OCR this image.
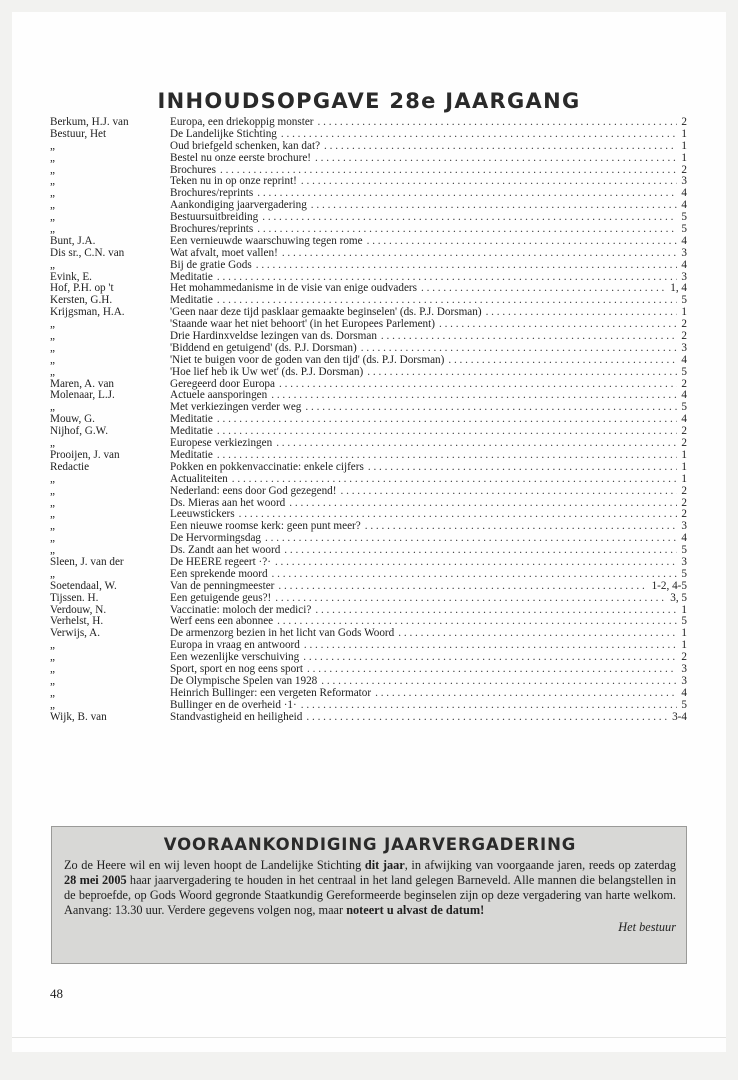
INHOUDSOPGAVE 28e JAARGANG
Berkum, H.J. van	Europa, een driekoppig monster . . .	2
Bestuur, Het	De Landelijke Stichting . . .	1
„	Oud briefgeld schenken, kan dat? . . .	1
„	Bestel nu onze eerste brochure! . . .	1
„	Brochures . . .	2
„	Teken nu in op onze reprint! . . .	3
„	Brochures/reprints . . .	4
„	Aankondiging jaarvergadering . . .	4
„	Bestuursuitbreiding . . .	5
„	Brochures/reprints . . .	5
Bunt, J.A.	Een vernieuwde waarschuwing tegen rome . . .	4
Dis sr., C.N. van	Wat afvalt, moet vallen! . . .	3
„	Bij de gratie Gods . . .	4
Evink, E.	Meditatie . . .	3
Hof, P.H. op 't	Het mohammedanisme in de visie van enige oudvaders . . .	1, 4
Kersten, G.H.	Meditatie . . .	5
Krijgsman, H.A.	'Geen naar deze tijd pasklaar gemaakte beginselen' (ds. P.J. Dorsman) . . .	1
„	'Staande waar het niet behoort' (in het Europees Parlement) . . .	2
„	Drie Hardinxveldse lezingen van ds. Dorsman . . .	2
„	'Biddend en getuigend' (ds. P.J. Dorsman) . . .	3
„	'Niet te buigen voor de goden van den tijd' (ds. P.J. Dorsman) . . .	4
„	'Hoe lief heb ik Uw wet' (ds. P.J. Dorsman) . . .	5
Maren, A. van	Geregeerd door Europa . . .	2
Molenaar, L.J.	Actuele aansporingen . . .	4
„	Met verkiezingen verder weg . . .	5
Mouw, G.	Meditatie . . .	4
Nijhof, G.W.	Meditatie . . .	2
„	Europese verkiezingen . . .	2
Prooijen, J. van	Meditatie . . .	1
Redactie	Pokken en pokkenvaccinatie: enkele cijfers . . .	1
„	Actualiteiten . . .	1
„	Nederland: eens door God gezegend! . . .	2
„	Ds. Mieras aan het woord . . .	2
„	Leeuwstickers . . .	2
„	Een nieuwe roomse kerk: geen punt meer? . . .	3
„	De Hervormingsdag . . .	4
„	Ds. Zandt aan het woord . . .	5
Sleen, J. van der	De HEERE regeert ·?· . . .	3
„	Een sprekende moord . . .	5
Soetendaal, W.	Van de penningmeester . . .	1-2, 4-5
Tijssen. H.	Een getuigende geus?! . . .	3, 5
Verdouw, N.	Vaccinatie: moloch der medici? . . .	1
Verhelst, H.	Werf eens een abonnee . . .	5
Verwijs, A.	De armenzorg bezien in het licht van Gods Woord . . .	1
„	Europa in vraag en antwoord . . .	1
„	Een wezenlijke verschuiving . . .	2
„	Sport, sport en nog eens sport . . .	3
„	De Olympische Spelen van 1928 . . .	3
„	Heinrich Bullinger: een vergeten Reformator . . .	4
„	Bullinger en de overheid ·1· . . .	5
Wijk, B. van	Standvastigheid en heiligheid . . .	3-4
VOORAANKONDIGING JAARVERGADERING

Zo de Heere wil en wij leven hoopt de Landelijke Stichting dit jaar, in afwijking van voorgaande jaren, reeds op zaterdag 28 mei 2005 haar jaarvergadering te houden in het centraal in het land gelegen Barneveld. Alle mannen die belangstellen in de beproefde, op Gods Woord gegronde Staatkundig Gereformeerde beginselen zijn op deze vergadering van harte welkom. Aanvang: 13.30 uur. Verdere gegevens volgen nog, maar noteert u alvast de datum!

Het bestuur
48
